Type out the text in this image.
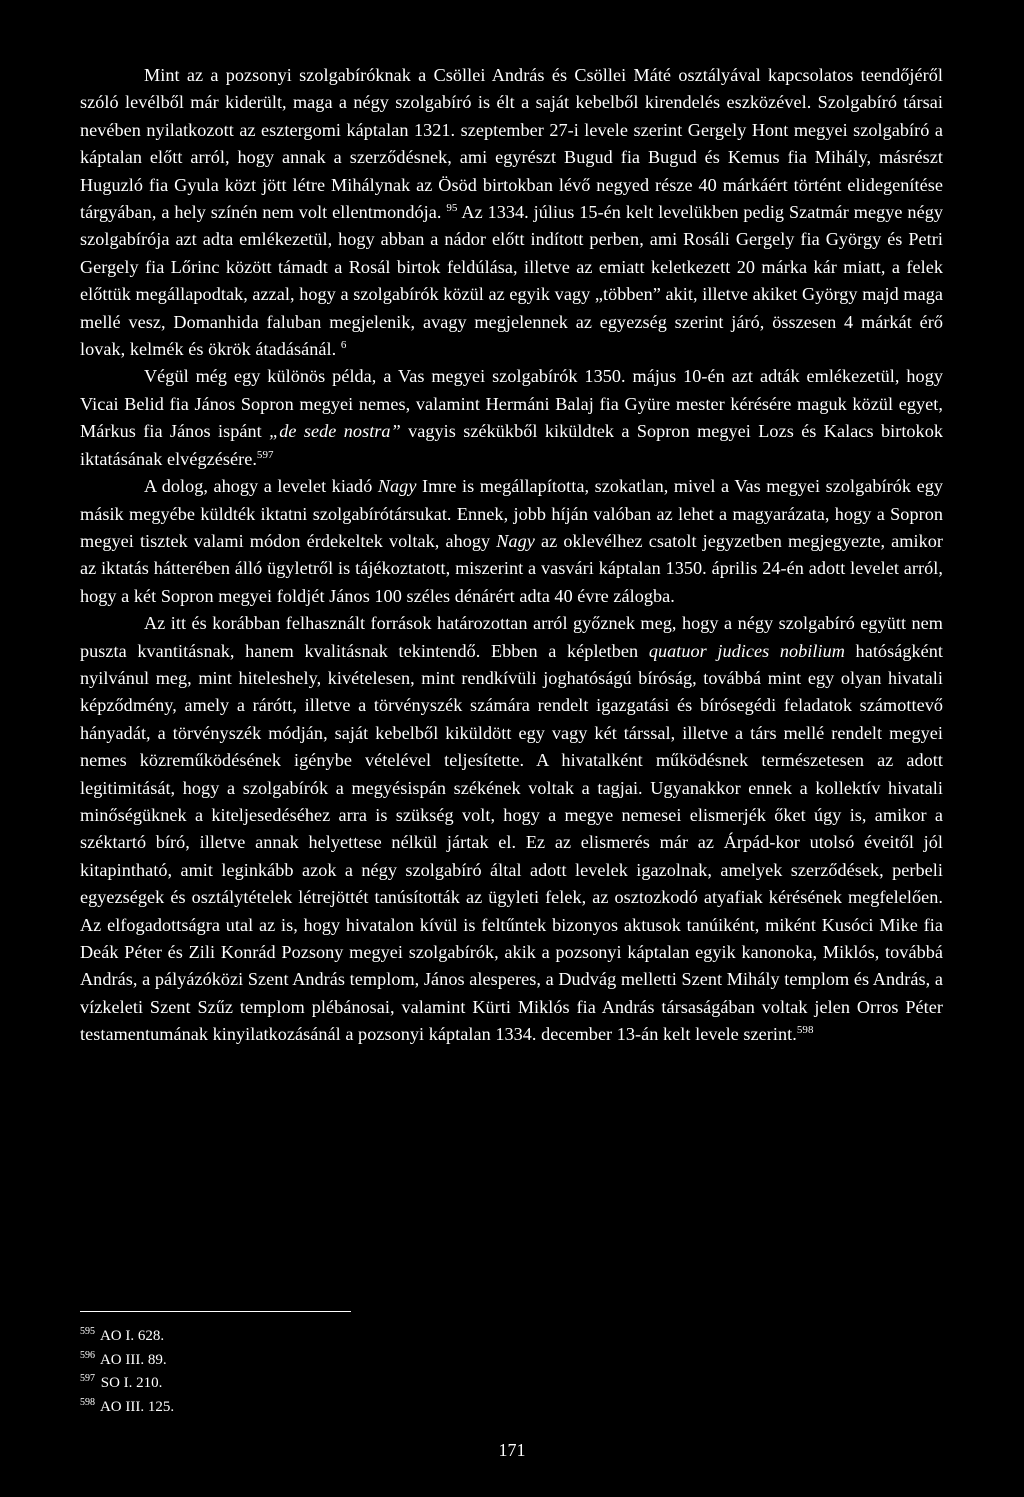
Mint az a pozsonyi szolgabíróknak a Csöllei András és Csöllei Máté osztályával kapcsolatos teendőjéről szóló levélből már kiderült, maga a négy szolgabíró is élt a saját kebelből kirendelés eszközével. Szolgabíró társai nevében nyilatkozott az esztergomi káptalan 1321. szeptember 27-i levele szerint Gergely Hont megyei szolgabíró a káptalan előtt arról, hogy annak a szerződésnek, ami egyrészt Bugud fia Bugud és Kemus fia Mihály, másrészt Huguzló fia Gyula közt jött létre Mihálynak az Ösöd birtokban lévő negyed része 40 márkáért történt elidegenítése tárgyában, a hely színén nem volt ellentmondója. $^{95}$ Az 1334. július 15-én kelt levelükben pedig Szatmár megye négy szolgabírója azt adta emlékezetül, hogy abban a nádor előtt indított perben, ami Rosáli Gergely fia György és Petri Gergely fia Lőrinc között támadt a Rosál birtok feldúlása, illetve az emiatt keletkezett 20 márka kár miatt, a felek előttük megállapodtak, azzal, hogy a szolgabírók közül az egyik vagy „többen” akit, illetve akiket György majd maga mellé vesz, Domanhida faluban megjelenik, avagy megjelennek az egyezség szerint járó, összesen 4 márkát érő lovak, kelmék és ökrök átadásánál. $^6$

Végül még egy különös példa, a Vas megyei szolgabírók 1350. május 10-én azt adták emlékezetül, hogy Vicai Belid fia János Sopron megyei nemes, valamint Hermáni Balaj fia Gyüre mester kérésére maguk közül egyet, Márkus fia János ispánt „de sede nostra” vagyis székükből kiküldtek a Sopron megyei Lozs és Kalacs birtokok iktatásának elvégzésére.$^{597}$

A dolog, ahogy a levelet kiadó Nagy Imre is megállapította, szokatlan, mivel a Vas megyei szolgabírók egy másik megyébe küldték iktatni szolgabírótársukat. Ennek, jobb híján valóban az lehet a magyarázata, hogy a Sopron megyei tisztek valami módon érdekeltek voltak, ahogy Nagy az oklevélhez csatolt jegyzetben megjegyezte, amikor az iktatás hátterében álló ügyletről is tájékoztatott, miszerint a vasvári káptalan 1350. április 24-én adott levelet arról, hogy a két Sopron megyei foldjét János 100 széles dénárért adta 40 évre zálogba.

Az itt és korábban felhasznált források határozottan arról győznek meg, hogy a négy szolgabíró együtt nem puszta kvantitásnak, hanem kvalitásnak tekintendő. Ebben a képletben quatuor judices nobilium hatóságként nyilvánul meg, mint hiteleshely, kivételesen, mint rendkívüli joghatóságú bíróság, továbbá mint egy olyan hivatali képződmény, amely a rárótt, illetve a törvényszék számára rendelt igazgatási és bírósegédi feladatok számottevő hányadát, a törvényszék módján, saját kebelből kiküldött egy vagy két társsal, illetve a társ mellé rendelt megyei nemes közreműködésének igénybe vételével teljesítette. A hivatalként működésnek természetesen az adott legitimitását, hogy a szolgabírók a megyésispán székének voltak a tagjai. Ugyanakkor ennek a kollektív hivatali minőségüknek a kiteljesedéséhez arra is szükség volt, hogy a megye nemesei elismerjék őket úgy is, amikor a széktartó bíró, illetve annak helyettese nélkül jártak el. Ez az elismerés már az Árpád-kor utolsó éveitől jól kitapintható, amit leginkább azok a négy szolgabíró által adott levelek igazolnak, amelyek szerződések, perbeli egyezségek és osztálytételek létrejöttét tanúsították az ügyleti felek, az osztozkodó atyafiak kérésének megfelelően. Az elfogadottságra utal az is, hogy hivatalon kívül is feltűntek bizonyos aktusok tanúiként, miként Kusóci Mike fia Deák Péter és Zili Konrád Pozsony megyei szolgabírók, akik a pozsonyi káptalan egyik kanonoka, Miklós, továbbá András, a pályázóközi Szent András templom, János alesperes, a Dudvág melletti Szent Mihály templom és András, a vízkeleti Szent Szűz templom plébánosai, valamint Kürti Miklós fia András társaságában voltak jelen Orros Péter testamentumának kinyilatkozásánál a pozsonyi káptalan 1334. december 13-án kelt levele szerint.$^{598}$

$^{595}$ AO I. 628.
$^{596}$ AO III. 89.
$^{597}$ SO I. 210.
$^{598}$ AO III. 125.
171
